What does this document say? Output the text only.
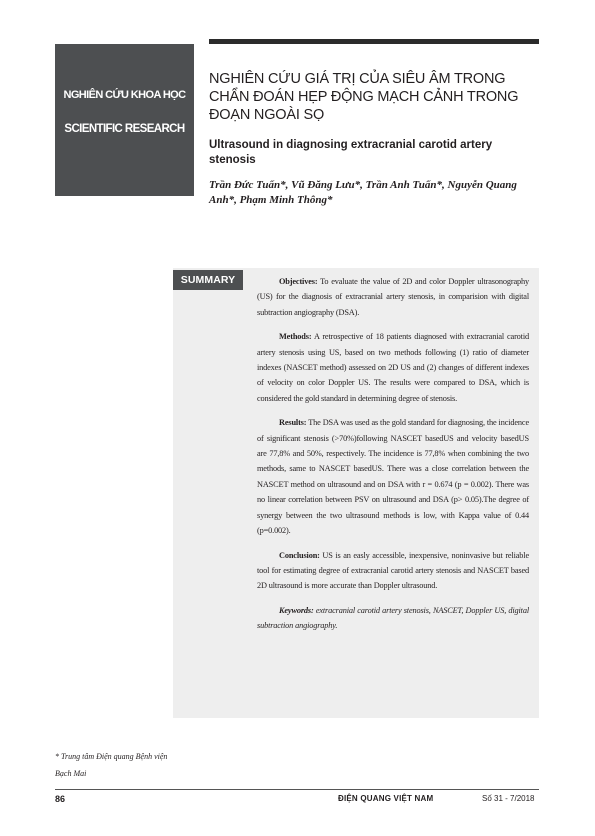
NGHIÊN CỨU KHOA HỌC
SCIENTIFIC RESEARCH
NGHIÊN CỨU GIÁ TRỊ CỦA SIÊU ÂM TRONG CHẨN ĐOÁN HẸP ĐỘNG MẠCH CẢNH TRONG ĐOẠN NGOÀI SỌ
Ultrasound in diagnosing extracranial carotid artery stenosis

Trần Đức Tuấn*, Vũ Đăng Lưu*, Trần Anh Tuấn*, Nguyễn Quang Anh*, Phạm Minh Thông*

SUMMARY	Objectives: To evaluate the value of 2D and color Doppler ultrasonography (US) for the diagnosis of extracranial artery stenosis, in comparision with digital subtraction angiography (DSA).

Methods: A retrospective of 18 patients diagnosed with extracranial carotid artery stenosis using US, based on two methods following (1) ratio of diameter indexes (NASCET method) assessed on 2D US and (2) changes of different indexes of velocity on color Doppler US. The results were compared to DSA, which is considered the gold standard in determining degree of stenosis.

Results: The DSA was used as the gold standard for diagnosing, the incidence of significant stenosis (>70%)following NASCET basedUS and velocity basedUS are 77,8% and 50%, respectively. The incidence is 77,8% when combining the two methods, same to NASCET basedUS. There was a close correlation between the NASCET method on ultrasound and on DSA with r = 0.674 (p = 0.002). There was no linear correlation between PSV on ultrasound and DSA (p> 0.05).The degree of synergy between the two ultrasound methods is low, with Kappa value of 0.44 (p=0.002).

Conclusion: US is an easly accessible, inexpensive, noninvasive but reliable tool for estimating degree of extracranial carotid artery stenosis and NASCET based 2D ultrasound is more accurate than Doppler ultrasound.

Keywords: extracranial carotid artery stenosis, NASCET, Doppler US, digital subtraction angiography.

* Trung tâm Điện quang Bệnh viện Bạch Mai
86	ĐIỆN QUANG VIỆT NAM	Số 31 - 7/2018
